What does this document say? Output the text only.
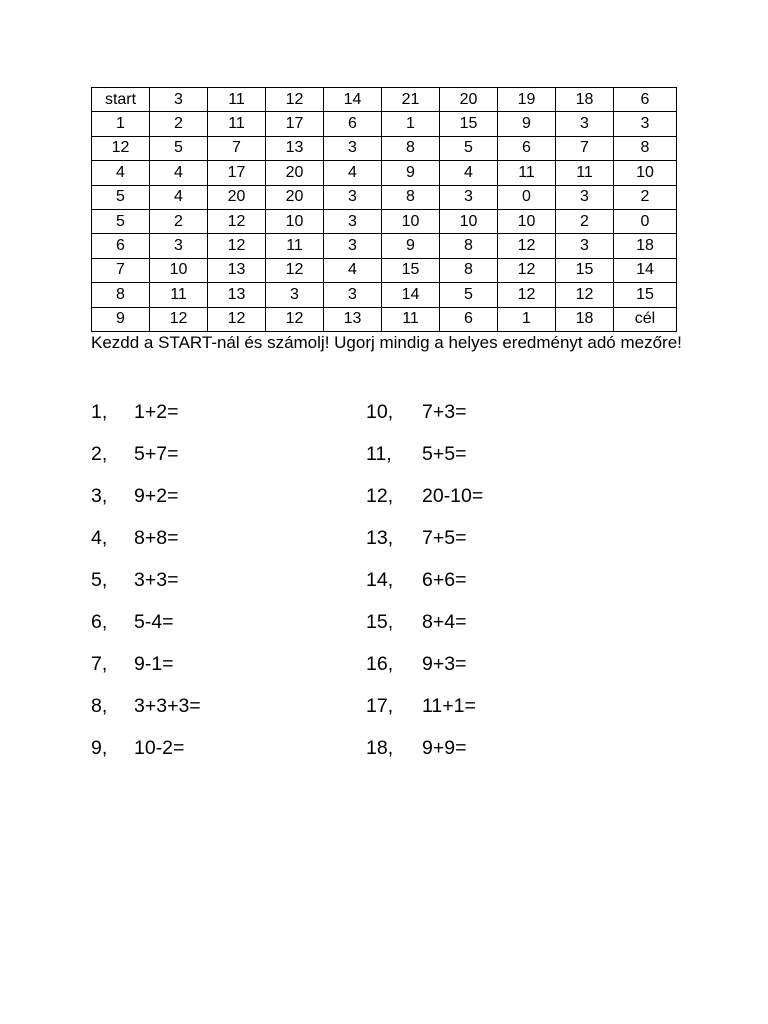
start	3	11	12	14	21	20	19	18	6
1	2	11	17	6	1	15	9	3	3
12	5	7	13	3	8	5	6	7	8
4	4	17	20	4	9	4	11	11	10
5	4	20	20	3	8	3	0	3	2
5	2	12	10	3	10	10	10	2	0
6	3	12	11	3	9	8	12	3	18
7	10	13	12	4	15	8	12	15	14
8	11	13	3	3	14	5	12	12	15
9	12	12	12	13	11	6	1	18	cél

Kezdd a START-nál és számolj! Ugorj mindig a helyes eredményt adó mezőre!

1,	1+2=
2,	5+7=
3,	9+2=
4,	8+8=
5,	3+3=
6,	5-4=
7,	9-1=
8,	3+3+3=
9,	10-2=
10,	7+3=
11,	5+5=
12,	20-10=
13,	7+5=
14,	6+6=
15,	8+4=
16,	9+3=
17,	11+1=
18,	9+9=
